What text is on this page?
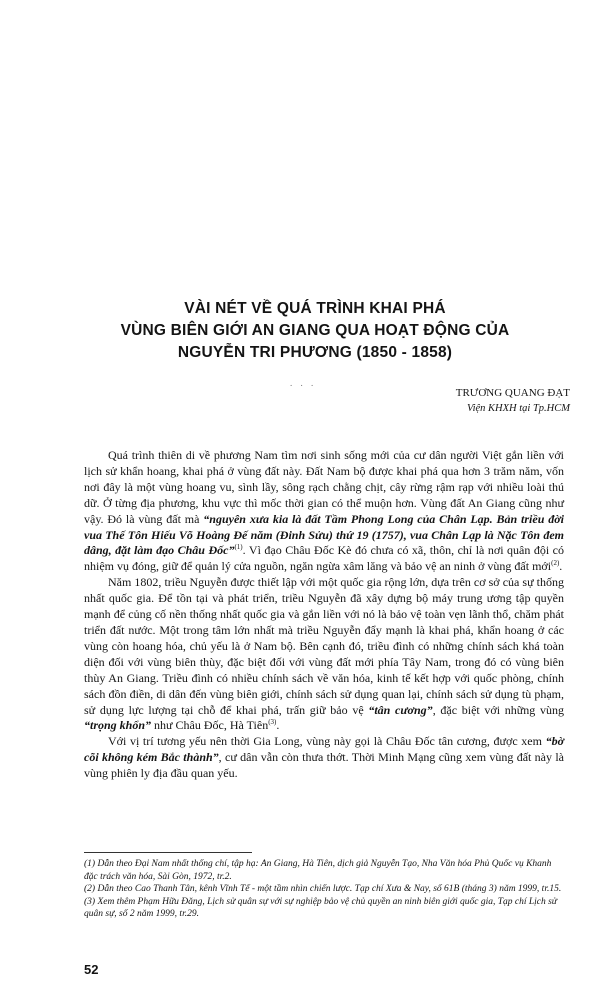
VÀI NÉT VỀ QUÁ TRÌNH KHAI PHÁ
VÙNG BIÊN GIỚI AN GIANG QUA HOẠT ĐỘNG CỦA
NGUYỄN TRI PHƯƠNG (1850 - 1858)
. . .
TRƯƠNG QUANG ĐẠT
Viện KHXH tại Tp.HCM

Quá trình thiên di về phương Nam tìm nơi sinh sống mới của cư dân người Việt gắn liền với lịch sử khẩn hoang, khai phá ở vùng đất này. Đất Nam bộ được khai phá qua hơn 3 trăm năm, vốn nơi đây là một vùng hoang vu, sình lầy, sông rạch chằng chịt, cây rừng rậm rạp với nhiều loài thú dữ. Ở từng địa phương, khu vực thì mốc thời gian có thể muộn hơn. Vùng đất An Giang cũng như vậy. Đó là vùng đất mà “nguyên xưa kia là đất Tầm Phong Long của Chân Lạp. Bản triều đời vua Thế Tôn Hiếu Võ Hoàng Đế năm (Đinh Sửu) thứ 19 (1757), vua Chân Lạp là Nặc Tôn đem dâng, đặt làm đạo Châu Đốc”$^{(1)}$. Vì đạo Châu Đốc Kè đó chưa có xã, thôn, chỉ là nơi quân đội có nhiệm vụ đóng, giữ để quản lý cửa nguồn, ngăn ngừa xâm lăng và bảo vệ an ninh ở vùng đất mới$^{(2)}$.

Năm 1802, triều Nguyễn được thiết lập với một quốc gia rộng lớn, dựa trên cơ sở của sự thống nhất quốc gia. Để tồn tại và phát triển, triều Nguyễn đã xây dựng bộ máy trung ương tập quyền mạnh để củng cố nền thống nhất quốc gia và gắn liền với nó là bảo vệ toàn vẹn lãnh thổ, chăm phát triển đất nước. Một trong tâm lớn nhất mà triều Nguyễn đẩy mạnh là khai phá, khẩn hoang ở các vùng còn hoang hóa, chủ yếu là ở Nam bộ. Bên cạnh đó, triều đình có những chính sách khá toàn diện đối với vùng biên thùy, đặc biệt đối với vùng đất mới phía Tây Nam, trong đó có vùng biên thùy An Giang. Triều đình có nhiều chính sách về văn hóa, kinh tế kết hợp với quốc phòng, chính sách đồn điền, di dân đến vùng biên giới, chính sách sử dụng quan lại, chính sách sử dụng tù phạm, sử dụng lực lượng tại chỗ để khai phá, trấn giữ bảo vệ “tân cương”, đặc biệt với những vùng “trọng khổn” như Châu Đốc, Hà Tiên$^{(3)}$.

Với vị trí tương yếu nên thời Gia Long, vùng này gọi là Châu Đốc tân cương, được xem “bờ cõi không kém Bắc thành”, cư dân vẫn còn thưa thớt. Thời Minh Mạng cũng xem vùng đất này là vùng phiên ly địa đầu quan yếu.

(1) Dẫn theo Đại Nam nhất thống chí, tập hạ: An Giang, Hà Tiên, dịch giả Nguyễn Tạo, Nha Văn hóa Phủ Quốc vụ Khanh đặc trách văn hóa, Sài Gòn, 1972, tr.2.

(2) Dẫn theo Cao Thanh Tân, kênh Vĩnh Tế - một tầm nhìn chiến lược. Tạp chí Xưa & Nay, số 61B (tháng 3) năm 1999, tr.15.

(3) Xem thêm Phạm Hữu Đăng, Lịch sử quân sự với sự nghiệp bảo vệ chủ quyền an ninh biên giới quốc gia, Tạp chí Lịch sử quân sự, số 2 năm 1999, tr.29.

52
